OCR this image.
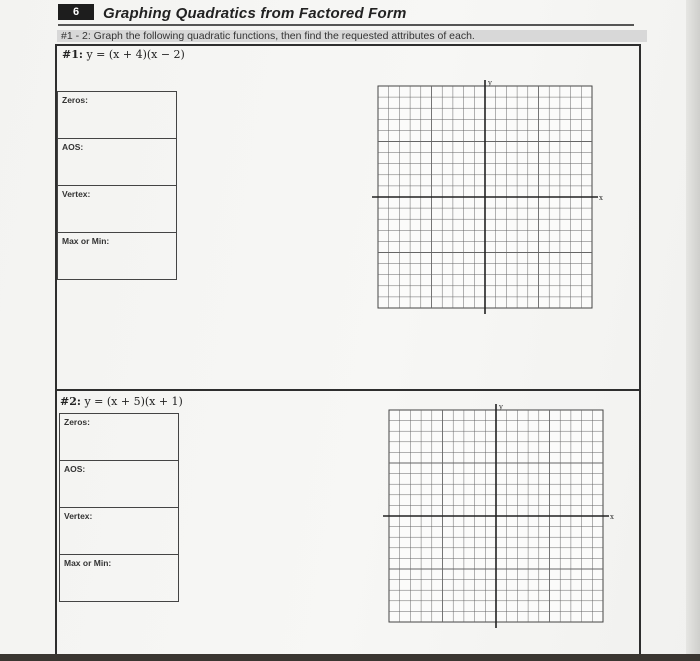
6	Graphing Quadratics from Factored Form
#1 - 2: Graph the following quadratic functions, then find the requested attributes of each.
#1: y = (x + 4)(x − 2)
Zeros:
AOS:
Vertex:
Max or Min:
x
y
#2: y = (x + 5)(x + 1)
Zeros:
AOS:
Vertex:
Max or Min:
x
y
